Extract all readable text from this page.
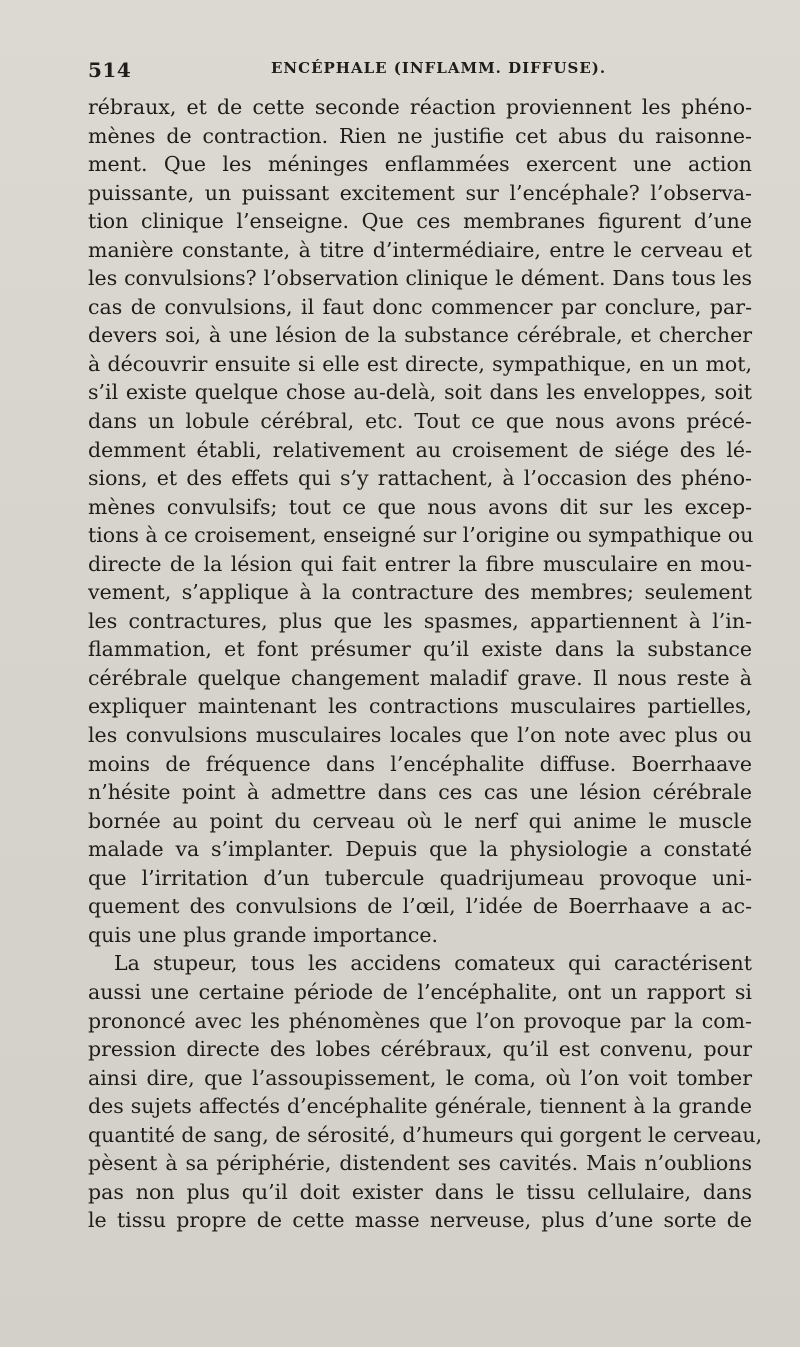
514	ENCÉPHALE (INFLAMM. DIFFUSE).
rébraux, et de cette seconde réaction proviennent les phéno-
mènes de contraction. Rien ne justifie cet abus du raisonne-
ment. Que les méninges enflammées exercent une action
puissante, un puissant excitement sur l’encéphale? l’observa-
tion clinique l’enseigne. Que ces membranes figurent d’une
manière constante, à titre d’intermédiaire, entre le cerveau et
les convulsions? l’observation clinique le dément. Dans tous les
cas de convulsions, il faut donc commencer par conclure, par-
devers soi, à une lésion de la substance cérébrale, et chercher
à découvrir ensuite si elle est directe, sympathique, en un mot,
s’il existe quelque chose au-delà, soit dans les enveloppes, soit
dans un lobule cérébral, etc. Tout ce que nous avons précé-
demment établi, relativement au croisement de siége des lé-
sions, et des effets qui s’y rattachent, à l’occasion des phéno-
mènes convulsifs; tout ce que nous avons dit sur les excep-
tions à ce croisement, enseigné sur l’origine ou sympathique ou
directe de la lésion qui fait entrer la fibre musculaire en mou-
vement, s’applique à la contracture des membres; seulement
les contractures, plus que les spasmes, appartiennent à l’in-
flammation, et font présumer qu’il existe dans la substance
cérébrale quelque changement maladif grave. Il nous reste à
expliquer maintenant les contractions musculaires partielles,
les convulsions musculaires locales que l’on note avec plus ou
moins de fréquence dans l’encéphalite diffuse. Boerrhaave
n’hésite point à admettre dans ces cas une lésion cérébrale
bornée au point du cerveau où le nerf qui anime le muscle
malade va s’implanter. Depuis que la physiologie a constaté
que l’irritation d’un tubercule quadrijumeau provoque uni-
quement des convulsions de l’œil, l’idée de Boerrhaave a ac-
quis une plus grande importance.
La stupeur, tous les accidens comateux qui caractérisent
aussi une certaine période de l’encéphalite, ont un rapport si
prononcé avec les phénomènes que l’on provoque par la com-
pression directe des lobes cérébraux, qu’il est convenu, pour
ainsi dire, que l’assoupissement, le coma, où l’on voit tomber
des sujets affectés d’encéphalite générale, tiennent à la grande
quantité de sang, de sérosité, d’humeurs qui gorgent le cerveau,
pèsent à sa périphérie, distendent ses cavités. Mais n’oublions
pas non plus qu’il doit exister dans le tissu cellulaire, dans
le tissu propre de cette masse nerveuse, plus d’une sorte de
